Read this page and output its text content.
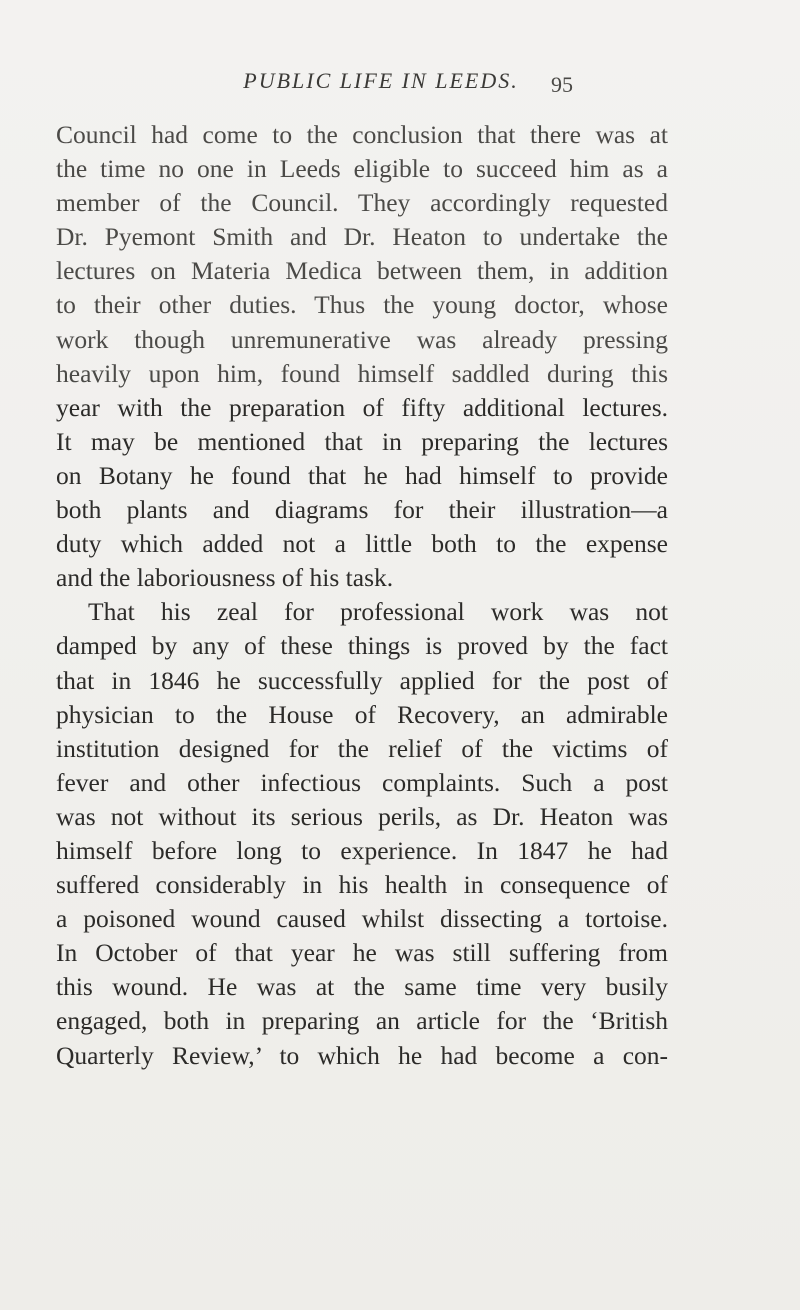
PUBLIC LIFE IN LEEDS.	95
Council had come to the conclusion that there was at
the time no one in Leeds eligible to succeed him as a
member of the Council. They accordingly requested
Dr. Pyemont Smith and Dr. Heaton to undertake the
lectures on Materia Medica between them, in addition
to their other duties. Thus the young doctor, whose
work though unremunerative was already pressing
heavily upon him, found himself saddled during this
year with the preparation of fifty additional lectures.
It may be mentioned that in preparing the lectures
on Botany he found that he had himself to provide
both plants and diagrams for their illustration—a
duty which added not a little both to the expense
and the laboriousness of his task.
That his zeal for professional work was not
damped by any of these things is proved by the fact
that in 1846 he successfully applied for the post of
physician to the House of Recovery, an admirable
institution designed for the relief of the victims of
fever and other infectious complaints. Such a post
was not without its serious perils, as Dr. Heaton was
himself before long to experience. In 1847 he had
suffered considerably in his health in consequence of
a poisoned wound caused whilst dissecting a tortoise.
In October of that year he was still suffering from
this wound. He was at the same time very busily
engaged, both in preparing an article for the ‘British
Quarterly Review,’ to which he had become a con-
